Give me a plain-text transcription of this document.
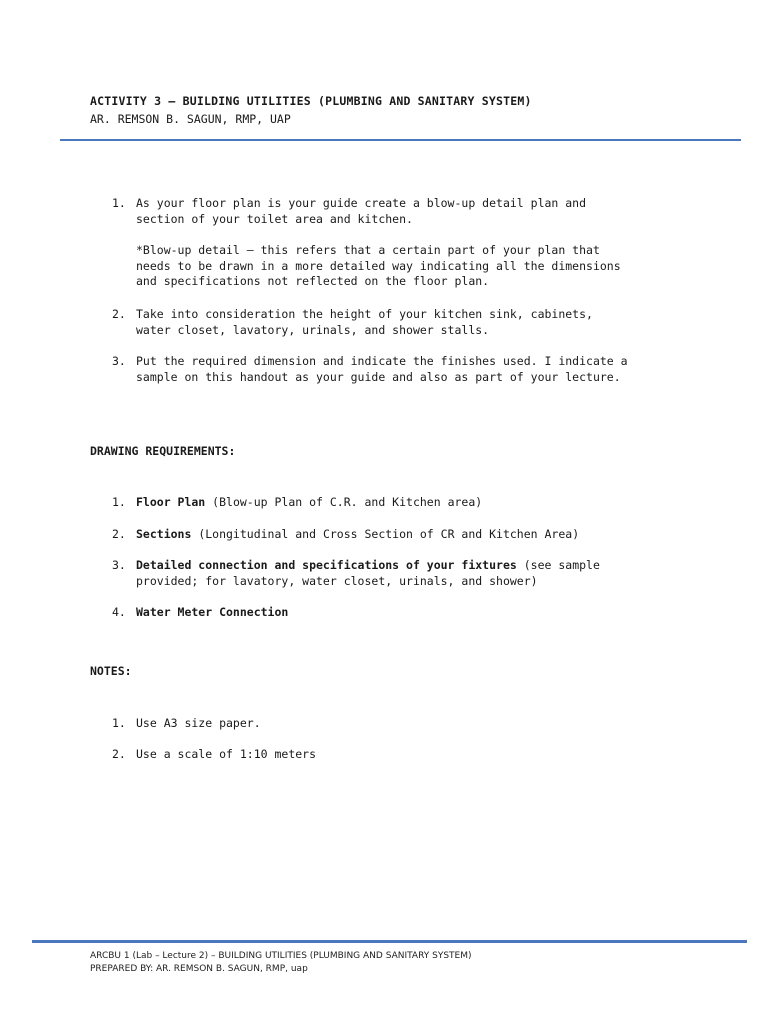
ACTIVITY 3 – BUILDING UTILITIES (PLUMBING AND SANITARY SYSTEM)
AR. REMSON B. SAGUN, RMP, UAP
1. As your floor plan is your guide create a blow-up detail plan and
section of your toilet area and kitchen.
*Blow-up detail – this refers that a certain part of your plan that
needs to be drawn in a more detailed way indicating all the dimensions
and specifications not reflected on the floor plan.
2. Take into consideration the height of your kitchen sink, cabinets,
water closet, lavatory, urinals, and shower stalls.
3. Put the required dimension and indicate the finishes used. I indicate a
sample on this handout as your guide and also as part of your lecture.
DRAWING REQUIREMENTS:
1. Floor Plan (Blow-up Plan of C.R. and Kitchen area)
2. Sections (Longitudinal and Cross Section of CR and Kitchen Area)
3. Detailed connection and specifications of your fixtures (see sample
provided; for lavatory, water closet, urinals, and shower)
4. Water Meter Connection
NOTES:
1. Use A3 size paper.
2. Use a scale of 1:10 meters
ARCBU 1 (Lab – Lecture 2) – BUILDING UTILITIES (PLUMBING AND SANITARY SYSTEM)
PREPARED BY: AR. REMSON B. SAGUN, RMP, uap
